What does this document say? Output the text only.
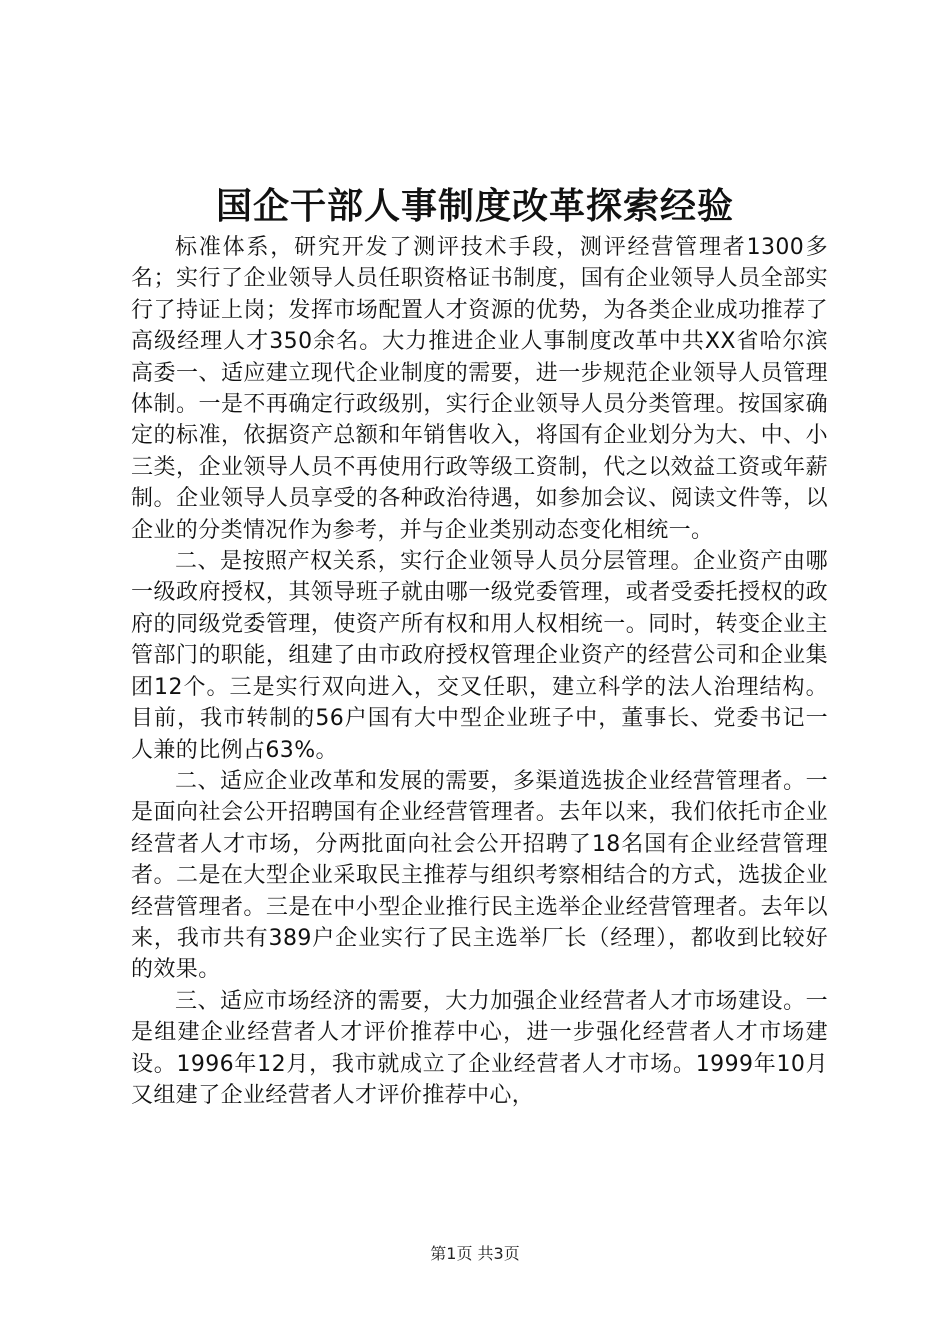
国企干部人事制度改革探索经验

标准体系，研究开发了测评技术手段，测评经营管理者1300多名；实行了企业领导人员任职资格证书制度，国有企业领导人员全部实行了持证上岗；发挥市场配置人才资源的优势，为各类企业成功推荐了高级经理人才350余名。大力推进企业人事制度改革中共XX省哈尔滨高委一、适应建立现代企业制度的需要，进一步规范企业领导人员管理体制。一是不再确定行政级别，实行企业领导人员分类管理。按国家确定的标准，依据资产总额和年销售收入，将国有企业划分为大、中、小三类，企业领导人员不再使用行政等级工资制，代之以效益工资或年薪制。企业领导人员享受的各种政治待遇，如参加会议、阅读文件等，以企业的分类情况作为参考，并与企业类别动态变化相统一。

二、是按照产权关系，实行企业领导人员分层管理。企业资产由哪一级政府授权，其领导班子就由哪一级党委管理，或者受委托授权的政府的同级党委管理，使资产所有权和用人权相统一。同时，转变企业主管部门的职能，组建了由市政府授权管理企业资产的经营公司和企业集团12个。三是实行双向进入，交叉任职，建立科学的法人治理结构。目前，我市转制的56户国有大中型企业班子中，董事长、党委书记一人兼的比例占63%。

二、适应企业改革和发展的需要，多渠道选拔企业经营管理者。一是面向社会公开招聘国有企业经营管理者。去年以来，我们依托市企业经营者人才市场，分两批面向社会公开招聘了18名国有企业经营管理者。二是在大型企业采取民主推荐与组织考察相结合的方式，选拔企业经营管理者。三是在中小型企业推行民主选举企业经营管理者。去年以来，我市共有389户企业实行了民主选举厂长（经理），都收到比较好的效果。

三、适应市场经济的需要，大力加强企业经营者人才市场建设。一是组建企业经营者人才评价推荐中心，进一步强化经营者人才市场建设。1996年12月，我市就成立了企业经营者人才市场。1999年10月又组建了企业经营者人才评价推荐中心，

第1页 共3页
